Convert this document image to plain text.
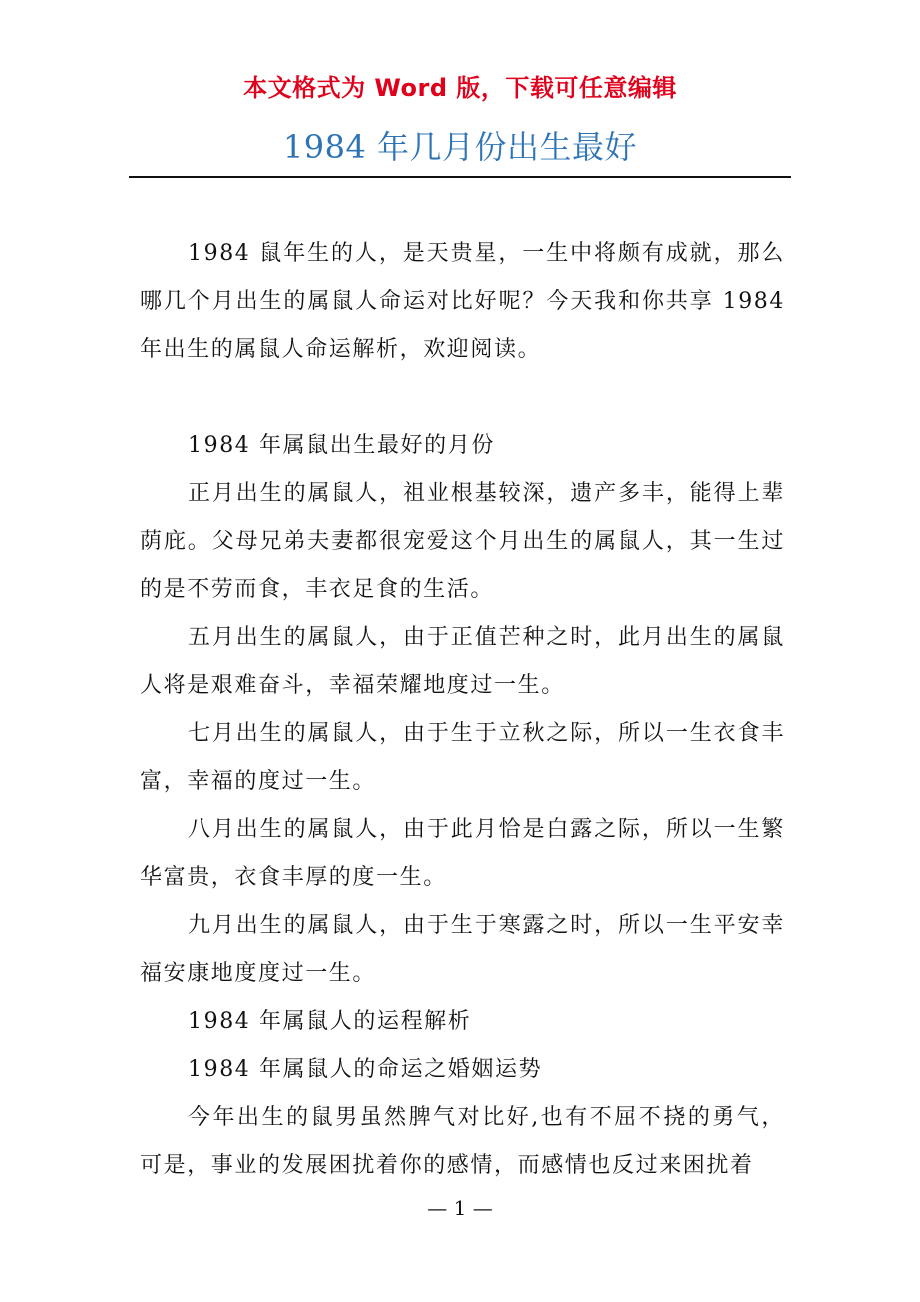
本文格式为 Word 版，下载可任意编辑
1984 年几月份出生最好

1984 鼠年生的人，是天贵星，一生中将颇有成就，那么哪几个月出生的属鼠人命运对比好呢？今天我和你共享 1984 年出生的属鼠人命运解析，欢迎阅读。

1984 年属鼠出生最好的月份

正月出生的属鼠人，祖业根基较深，遗产多丰，能得上辈荫庇。父母兄弟夫妻都很宠爱这个月出生的属鼠人，其一生过的是不劳而食，丰衣足食的生活。

五月出生的属鼠人，由于正值芒种之时，此月出生的属鼠人将是艰难奋斗，幸福荣耀地度过一生。

七月出生的属鼠人，由于生于立秋之际，所以一生衣食丰富，幸福的度过一生。

八月出生的属鼠人，由于此月恰是白露之际，所以一生繁华富贵，衣食丰厚的度一生。

九月出生的属鼠人，由于生于寒露之时，所以一生平安幸福安康地度度过一生。

1984 年属鼠人的运程解析

1984 年属鼠人的命运之婚姻运势

今年出生的鼠男虽然脾气对比好,也有不屈不挠的勇气，可是，事业的发展困扰着你的感情，而感情也反过来困扰着

— 1 —
